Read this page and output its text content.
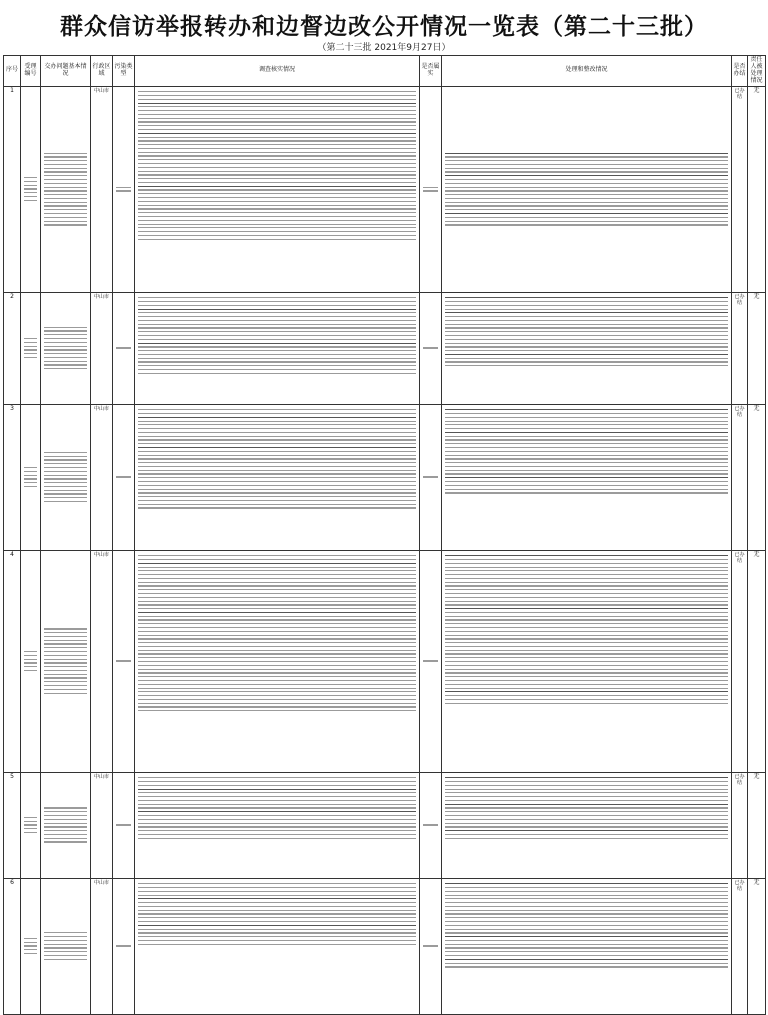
群众信访举报转办和边督边改公开情况一览表（第二十三批）
（第二十三批 2021年9月27日）
序号	受理编号	交办问题基本情况	行政区域	污染类型	调查核实情况	是否属实	处理和整改情况	是否办结	责任人被处理情况
1			中山市					已办结	无
2			中山市					已办结	无
3			中山市					已办结	无
4			中山市					已办结	无
5			中山市					已办结	无
6			中山市					已办结	无
